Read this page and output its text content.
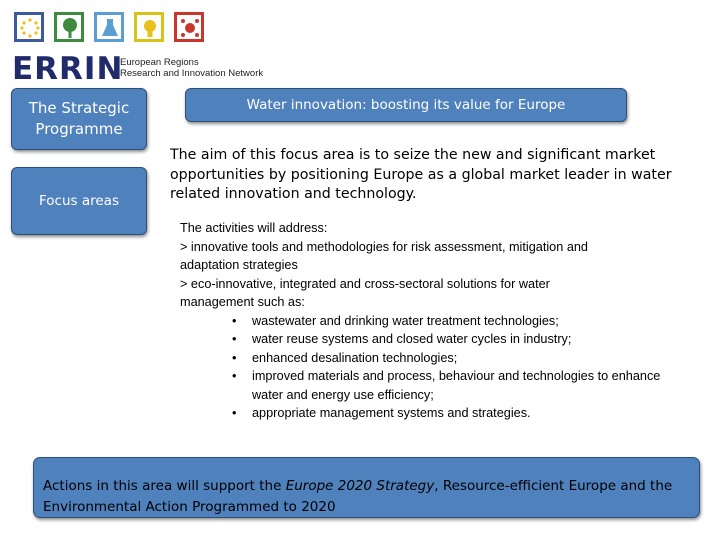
ERRIN
European Regions
Research and Innovation Network
The Strategic Programme
Focus areas
Water innovation: boosting its value for Europe
The aim of this focus area is to seize the new and significant market opportunities by positioning Europe as a global market leader in water related innovation and technology.
The activities will address:
> innovative tools and methodologies for risk assessment, mitigation and
adaptation strategies
> eco-innovative, integrated and cross-sectoral solutions for water
management such as:
•	wastewater and drinking water treatment technologies;
•	water reuse systems and closed water cycles in industry;
•	enhanced desalination technologies;
•	improved materials and process, behaviour and technologies to enhance water and energy use efficiency;
•	appropriate management systems and strategies.
Actions in this area will support the Europe 2020 Strategy, Resource-efficient Europe and the Environmental Action Programmed to 2020
